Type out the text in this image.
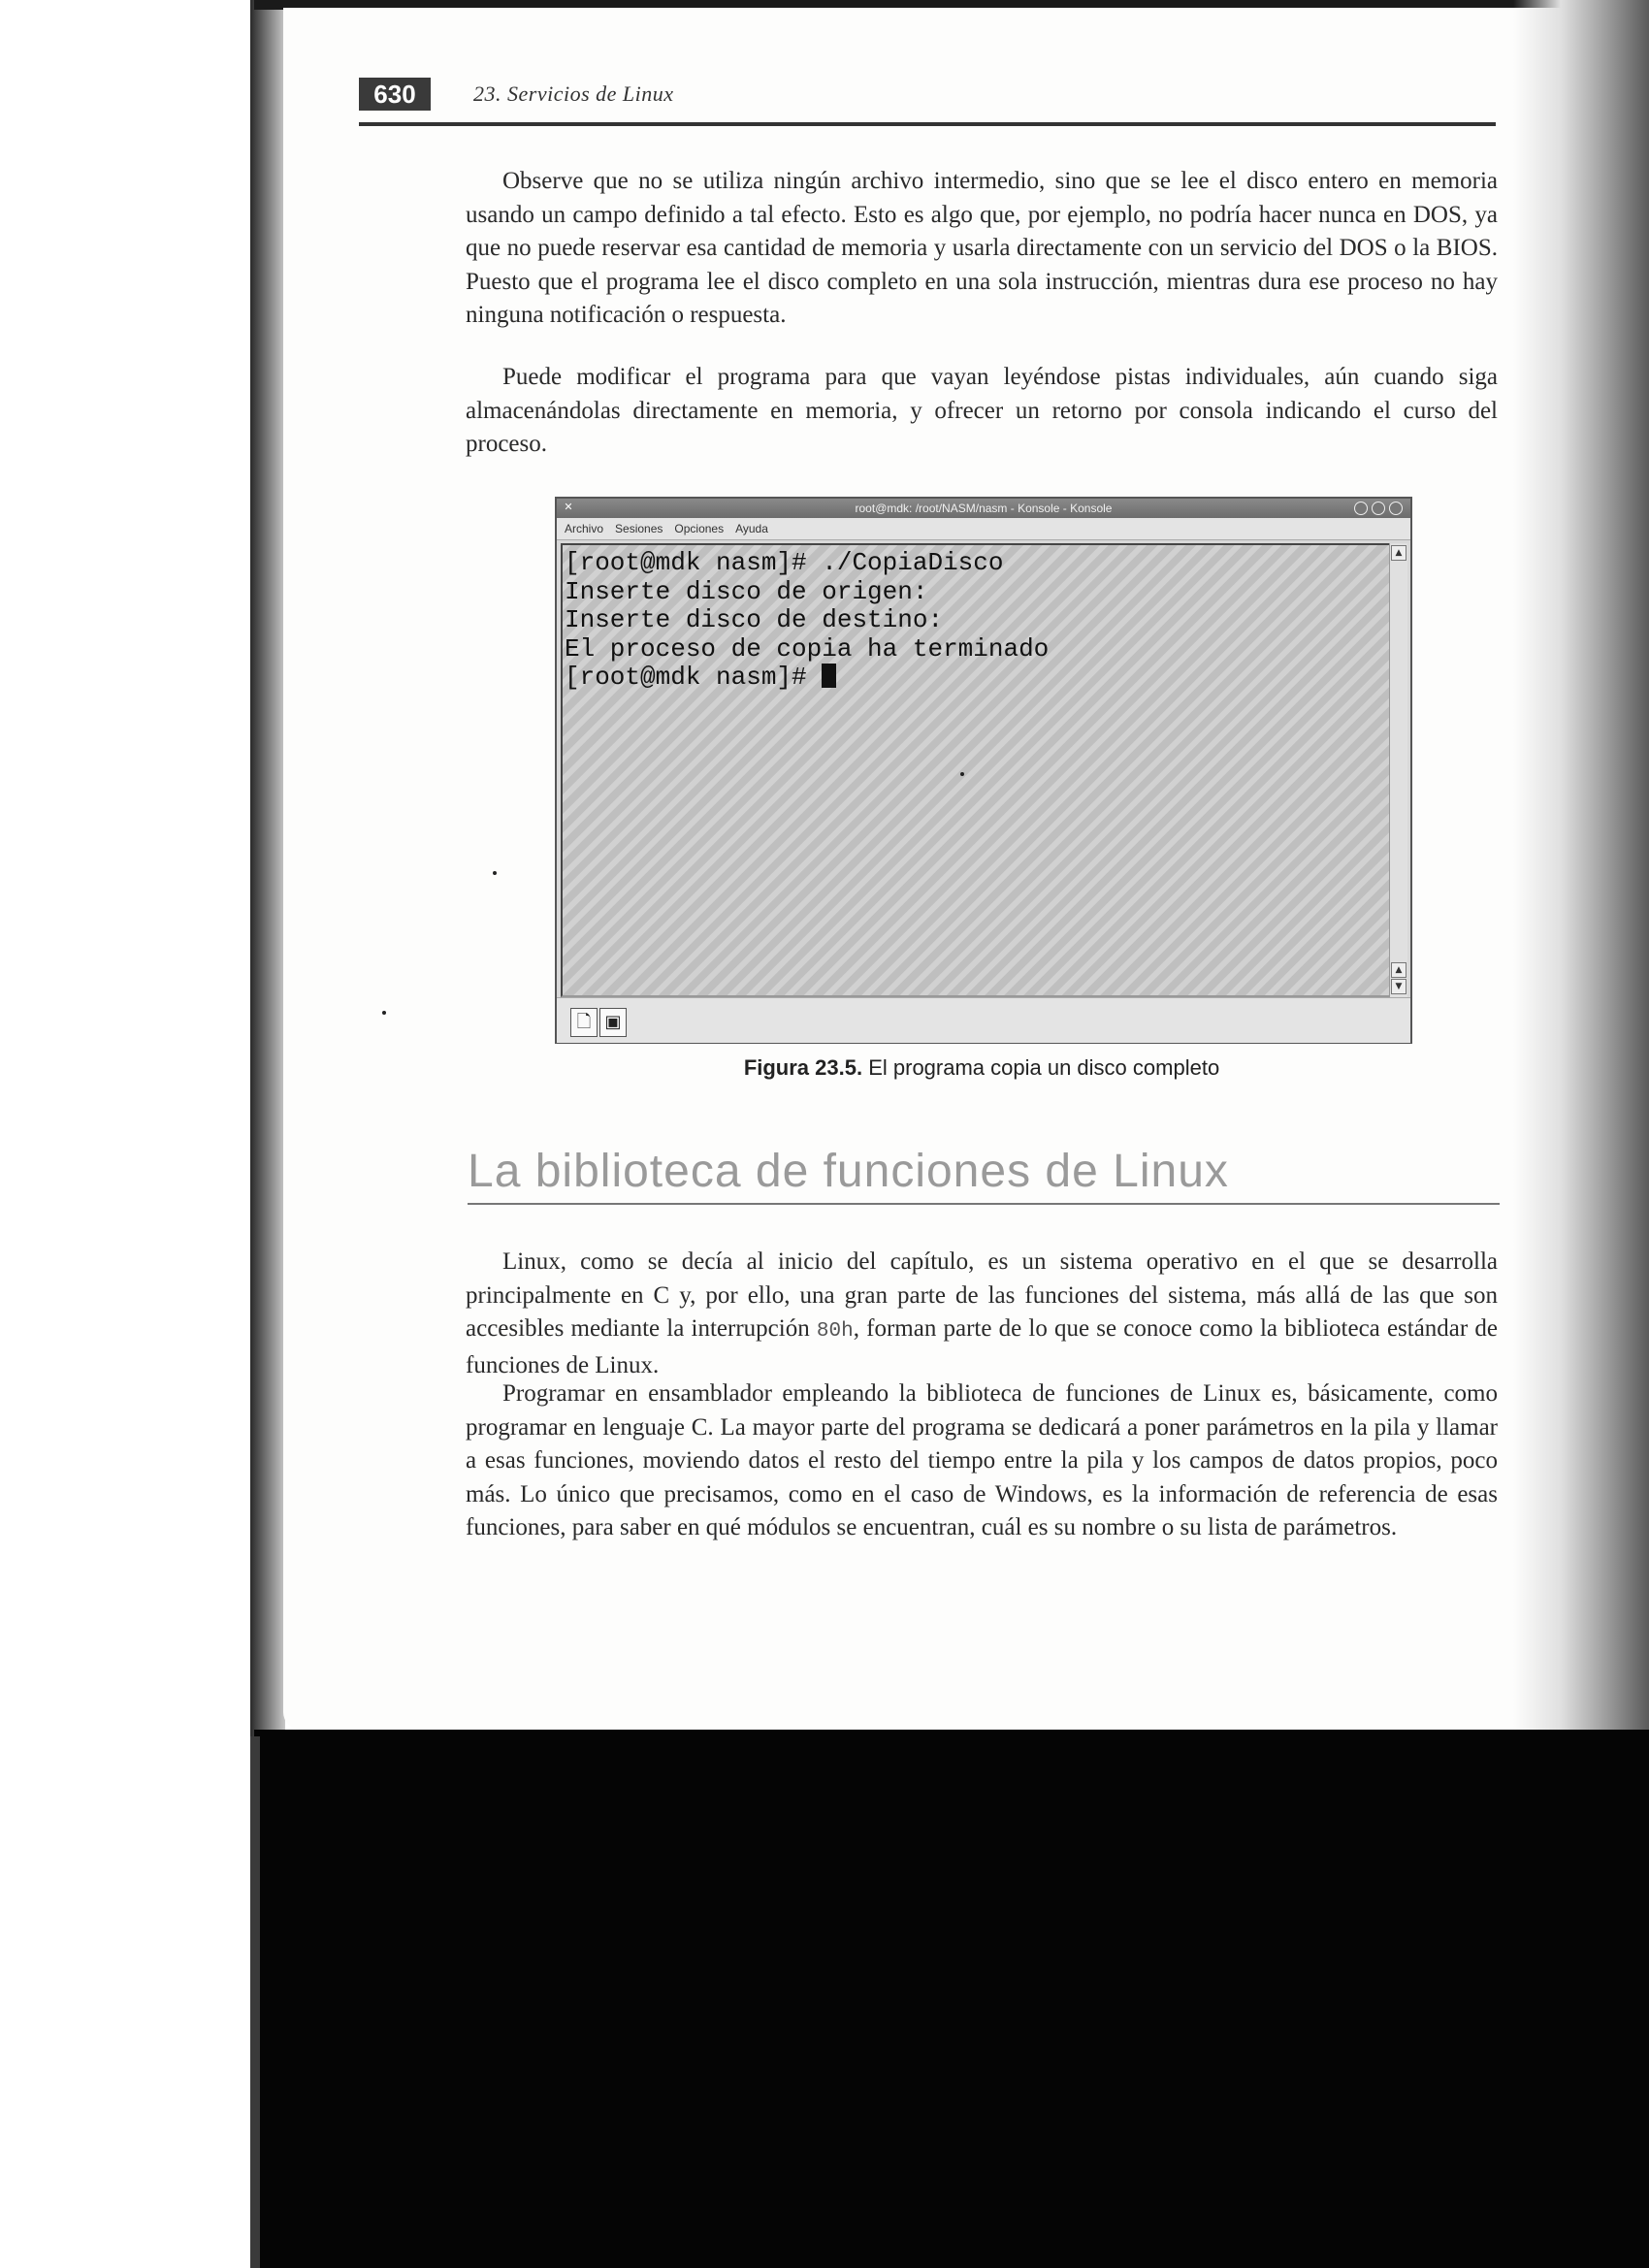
630	23. Servicios de Linux

Observe que no se utiliza ningún archivo intermedio, sino que se lee el disco entero en memoria usando un campo definido a tal efecto. Esto es algo que, por ejemplo, no podría hacer nunca en DOS, ya que no puede reservar esa cantidad de memoria y usarla directamente con un servicio del DOS o la BIOS. Puesto que el programa lee el disco completo en una sola instrucción, mientras dura ese proceso no hay ninguna notificación o respuesta.

Puede modificar el programa para que vayan leyéndose pistas individuales, aún cuando siga almacenándolas directamente en memoria, y ofrecer un retorno por consola indicando el curso del proceso.

✕	root@mdk: /root/NASM/nasm - Konsole - Konsole
Archivo Sesiones Opciones Ayuda

[root@mdk nasm]# ./CopiaDisco

Inserte disco de origen:

Inserte disco de destino:

El proceso de copia ha terminado

[root@mdk nasm]#

▲
▲
▼
🗋 ▣
Figura 23.5. El programa copia un disco completo
La biblioteca de funciones de Linux

Linux, como se decía al inicio del capítulo, es un sistema operativo en el que se desarrolla principalmente en C y, por ello, una gran parte de las funciones del sistema, más allá de las que son accesibles mediante la interrupción 80h, forman parte de lo que se conoce como la biblioteca estándar de funciones de Linux.

Programar en ensamblador empleando la biblioteca de funciones de Linux es, básicamente, como programar en lenguaje C. La mayor parte del programa se dedicará a poner parámetros en la pila y llamar a esas funciones, moviendo datos el resto del tiempo entre la pila y los campos de datos propios, poco más. Lo único que precisamos, como en el caso de Windows, es la información de referencia de esas funciones, para saber en qué módulos se encuentran, cuál es su nombre o su lista de parámetros.
